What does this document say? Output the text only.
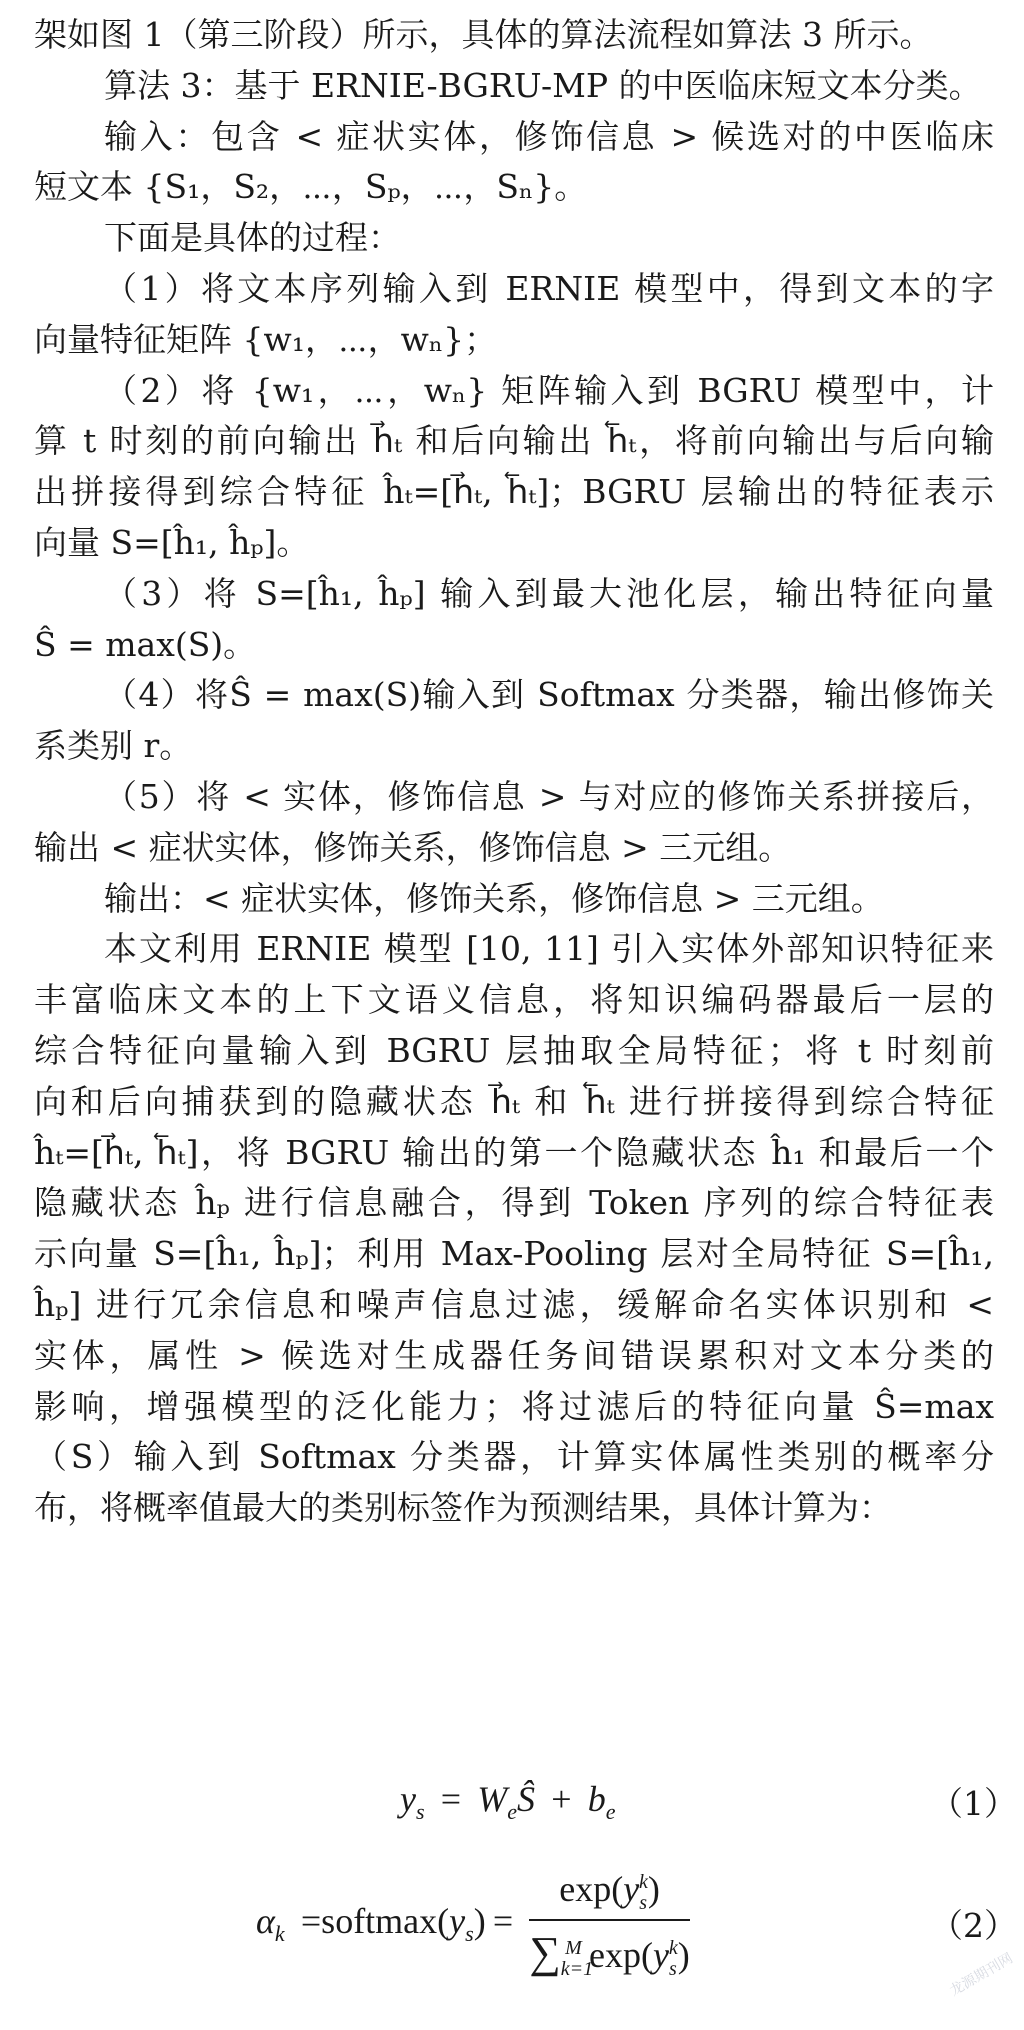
架如图 1（第三阶段）所示，具体的算法流程如算法 3 所示。
算法 3：基于 ERNIE-BGRU-MP 的中医临床短文本分类。
输入：包含 < 症状实体，修饰信息 > 候选对的中医临床
短文本 {S₁，S₂，⋯，Sₚ，⋯，Sₙ}。
下面是具体的过程：
（1）将文本序列输入到 ERNIE 模型中，得到文本的字
向量特征矩阵 {w₁，⋯，wₙ}；
（2）将 {w₁，⋯，wₙ} 矩阵输入到 BGRU 模型中，计
算 t 时刻的前向输出 h⃗ₜ 和后向输出 h⃖ₜ，将前向输出与后向输
出拼接得到综合特征 ĥₜ=[h⃗ₜ, h⃖ₜ]；BGRU 层输出的特征表示
向量 S=[ĥ₁, ĥₚ]。
（3）将 S=[ĥ₁, ĥₚ] 输入到最大池化层，输出特征向量
Ŝ = max(S)。
（4）将Ŝ = max(S)输入到 Softmax 分类器，输出修饰关
系类别 r。
（5）将 < 实体，修饰信息 > 与对应的修饰关系拼接后，
输出 < 症状实体，修饰关系，修饰信息 > 三元组。
输出：< 症状实体，修饰关系，修饰信息 > 三元组。
本文利用 ERNIE 模型 [10, 11] 引入实体外部知识特征来
丰富临床文本的上下文语义信息，将知识编码器最后一层的
综合特征向量输入到 BGRU 层抽取全局特征；将 t 时刻前
向和后向捕获到的隐藏状态 h⃗ₜ 和 h⃖ₜ 进行拼接得到综合特征
ĥₜ=[h⃗ₜ, h⃖ₜ]，将 BGRU 输出的第一个隐藏状态 ĥ₁ 和最后一个
隐藏状态 ĥₚ 进行信息融合，得到 Token 序列的综合特征表
示向量 S=[ĥ₁, ĥₚ]；利用 Max-Pooling 层对全局特征 S=[ĥ₁,
ĥₚ] 进行冗余信息和噪声信息过滤，缓解命名实体识别和 <
实体，属性 > 候选对生成器任务间错误累积对文本分类的
影响，增强模型的泛化能力；将过滤后的特征向量 Ŝ=max
（S）输入到 Softmax 分类器，计算实体属性类别的概率分
布，将概率值最大的类别标签作为预测结果，具体计算为：
$y_s$  =  $W_eŜ + b_e$	（1）
$\alpha_k$  $=softmax(y_s) = \frac{\exp(y_s^k)}{\sum_{k=1}^M \exp(y_s^k)}$	（2）
龙源期刊网
